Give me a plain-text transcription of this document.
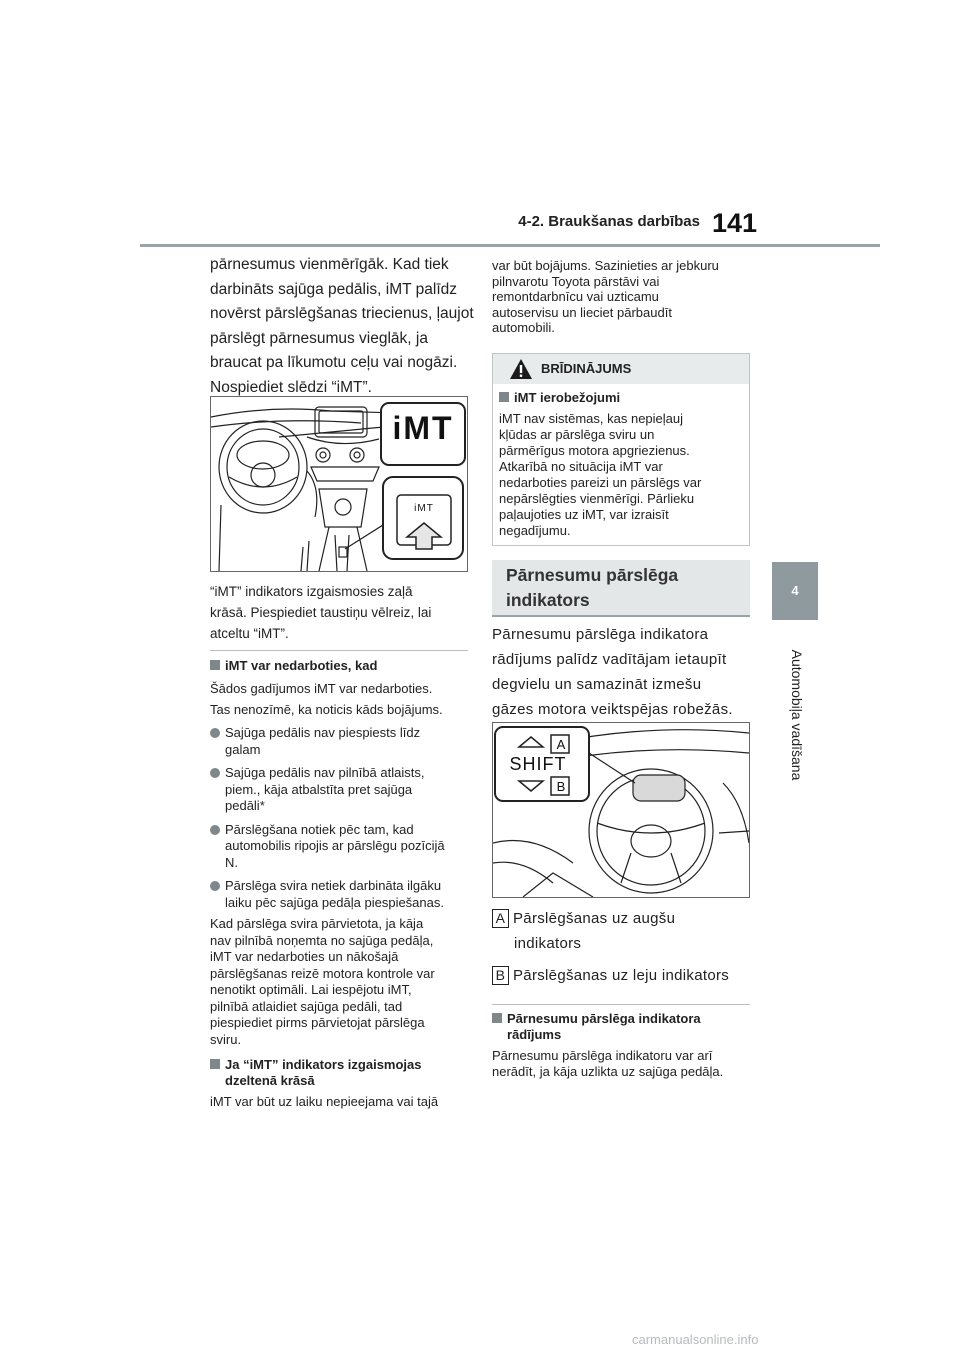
4-2. Braukšanas darbības 141
4
Automobiļa vadīšana
pārnesumus vienmērīgāk. Kad tiek
darbināts sajūga pedālis, iMT palīdz
novērst pārslēgšanas triecienus, ļaujot
pārslēgt pārnesumus vieglāk, ja
braucat pa līkumotu ceļu vai nogāzi.
Nospiediet slēdzi “iMT”.
iMT
iMT
“iMT” indikators izgaismosies zaļā
krāsā. Piespiediet taustiņu vēlreiz, lai
atceltu “iMT”.
iMT var nedarboties, kad
Šādos gadījumos iMT var nedarboties.
Tas nenozīmē, ka noticis kāds bojājums.
Sajūga pedālis nav piespiests līdz
galam
Sajūga pedālis nav pilnībā atlaists,
piem., kāja atbalstīta pret sajūga
pedāli*
Pārslēgšana notiek pēc tam, kad
automobilis ripojis ar pārslēgu pozīcijā
N.
Pārslēga svira netiek darbināta ilgāku
laiku pēc sajūga pedāļa piespiešanas.
Kad pārslēga svira pārvietota, ja kāja
nav pilnībā noņemta no sajūga pedāļa,
iMT var nedarboties un nākošajā
pārslēgšanas reizē motora kontrole var
nenotikt optimāli. Lai iespējotu iMT,
pilnībā atlaidiet sajūga pedāli, tad
piespiediet pirms pārvietojat pārslēga
sviru.
Ja “iMT” indikators izgaismojas
dzeltenā krāsā
iMT var būt uz laiku nepieejama vai tajā
var būt bojājums. Sazinieties ar jebkuru
pilnvarotu Toyota pārstāvi vai
remontdarbnīcu vai uzticamu
autoservisu un lieciet pārbaudīt
automobili.
BRĪDINĀJUMS
iMT ierobežojumi
iMT nav sistēmas, kas nepieļauj
kļūdas ar pārslēga sviru un
pārmērīgus motora apgriezienus.
Atkarībā no situācija iMT var
nedarboties pareizi un pārslēgs var
nepārslēgties vienmērīgi. Pārlieku
paļaujoties uz iMT, var izraisīt
negadījumu.
Pārnesumu pārslēga
indikators
Pārnesumu pārslēga indikatora
rādījums palīdz vadītājam ietaupīt
degvielu un samazināt izmešu
gāzes motora veiktspējas robežās.
SHIFT
A
B
A Pārslēgšanas uz augšu
indikators
B Pārslēgšanas uz leju indikators
Pārnesumu pārslēga indikatora
rādījums
Pārnesumu pārslēga indikatoru var arī
nerādīt, ja kāja uzlikta uz sajūga pedāļa.
carmanualsonline.info
